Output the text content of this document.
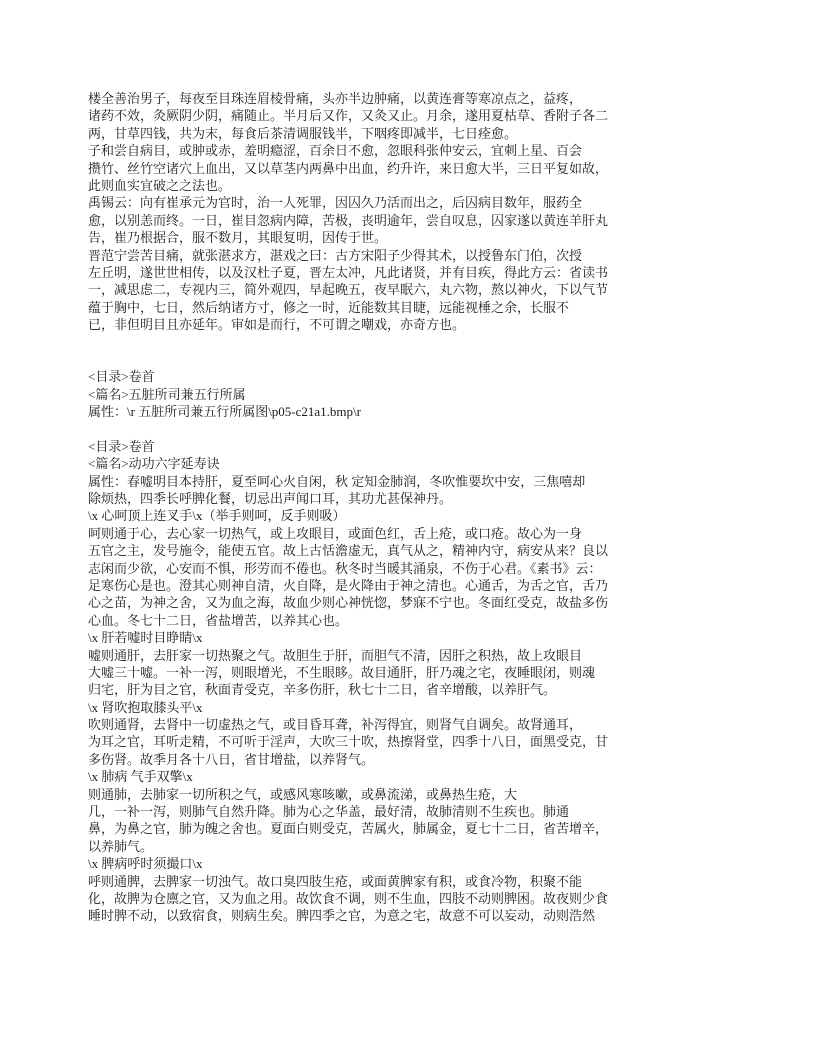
楼全善治男子，每夜至目珠连眉棱骨痛，头亦半边肿痛，以黄连膏等寒凉点之，益疼，
诸药不效，灸厥阴少阴，痛随止。半月后又作，又灸又止。月余，遂用夏枯草、香附子各二
两，甘草四钱，共为末，每食后茶清调服钱半，下咽疼即减半，七日痊愈。
子和尝自病目，或肿或赤，羞明瘾涩，百余日不愈，忽眼科张仲安云，宜刺上星、百会
攒竹、丝竹空诸穴上血出，又以草茎内两鼻中出血，约升许，来日愈大半，三日平复如故，
此则血实宜破之之法也。
禹锡云：向有崔承元为官时，治一人死罪，因囚久乃活而出之，后囚病目数年，服药全
愈，以别恙而终。一日，崔目忽病内障，苦极，丧明逾年，尝自叹息，囚家遂以黄连羊肝丸
告，崔乃根据合，服不数月，其眼复明，因传于世。
晋范宁尝苦目痛，就张湛求方，湛戏之曰：古方宋阳子少得其术，以授鲁东门伯，次授
左丘明，遂世世相传，以及汉杜子夏，晋左太冲，凡此诸贤，并有目疾，得此方云：省读书
一，减思虑二，专视内三，简外观四，早起晚五，夜早眠六，丸六物，熬以神火，下以气节
蕴于胸中，七日，然后纳诸方寸，修之一时，近能数其目睫，远能视棰之余，长服不
已，非但明目且亦延年。审如是而行，不可谓之嘲戏，亦奇方也。

<目录>卷首
<篇名>五脏所司兼五行所属
属性：\r 五脏所司兼五行所属图\p05-c21a1.bmp\r

<目录>卷首
<篇名>动功六字延寿诀
属性：春嘘明目本持肝，夏至呵心火自闲，秋 定知金肺润，冬吹惟要坎中安，三焦嘻却
除烦热，四季长呼脾化餐，切忌出声闻口耳，其功尤甚保神丹。
\x 心呵顶上连叉手\x（举手则呵，反手则吸）
呵则通于心，去心家一切热气，或上攻眼目，或面色红，舌上疮，或口疮。故心为一身
五官之主，发号施令，能使五官。故上古恬澹虚无，真气从之，精神内守，病安从来？良以
志闲而少欲，心安而不惧，形劳而不倦也。秋冬时当暖其涌泉，不伤于心君。《素书》云：
足寒伤心是也。澄其心则神自清，火自降，是火降由于神之清也。心通舌，为舌之官，舌乃
心之苗，为神之舍，又为血之海，故血少则心神恍惚，梦寐不宁也。冬面红受克，故盐多伤
心血。冬七十二日，省盐增苦，以养其心也。
\x 肝若嘘时目睁睛\x
嘘则通肝，去肝家一切热聚之气。故胆生于肝，而胆气不清，因肝之积热，故上攻眼目
大嘘三十嘘。一补一泻，则眼增光，不生眼眵。故目通肝，肝乃魂之宅，夜睡眼闭，则魂
归宅，肝为目之官，秋面青受克，辛多伤肝，秋七十二日，省辛增酸，以养肝气。
\x 肾吹抱取膝头平\x
吹则通肾，去肾中一切虚热之气，或目昏耳聋，补泻得宜，则肾气自调矣。故肾通耳，
为耳之官，耳听走精，不可听于淫声，大吹三十吹，热擦肾堂，四季十八日，面黑受克，甘
多伤肾。故季月各十八日，省甘增盐，以养肾气。
\x 肺病 气手双擎\x
则通肺，去肺家一切所积之气，或感风寒咳嗽，或鼻流涕，或鼻热生疮，大
几，一补一泻，则肺气自然升降。肺为心之华盖，最好清，故肺清则不生疾也。肺通
鼻，为鼻之官，肺为魄之舍也。夏面白则受克，苦属火，肺属金，夏七十二日，省苦增辛，
以养肺气。
\x 脾病呼时须撮口\x
呼则通脾，去脾家一切浊气。故口臭四肢生疮，或面黄脾家有积，或食冷物，积聚不能
化，故脾为仓廪之官，又为血之用。故饮食不调，则不生血，四肢不动则脾困。故夜则少食
睡时脾不动，以致宿食，则病生矣。脾四季之官，为意之宅，故意不可以妄动，动则浩然
